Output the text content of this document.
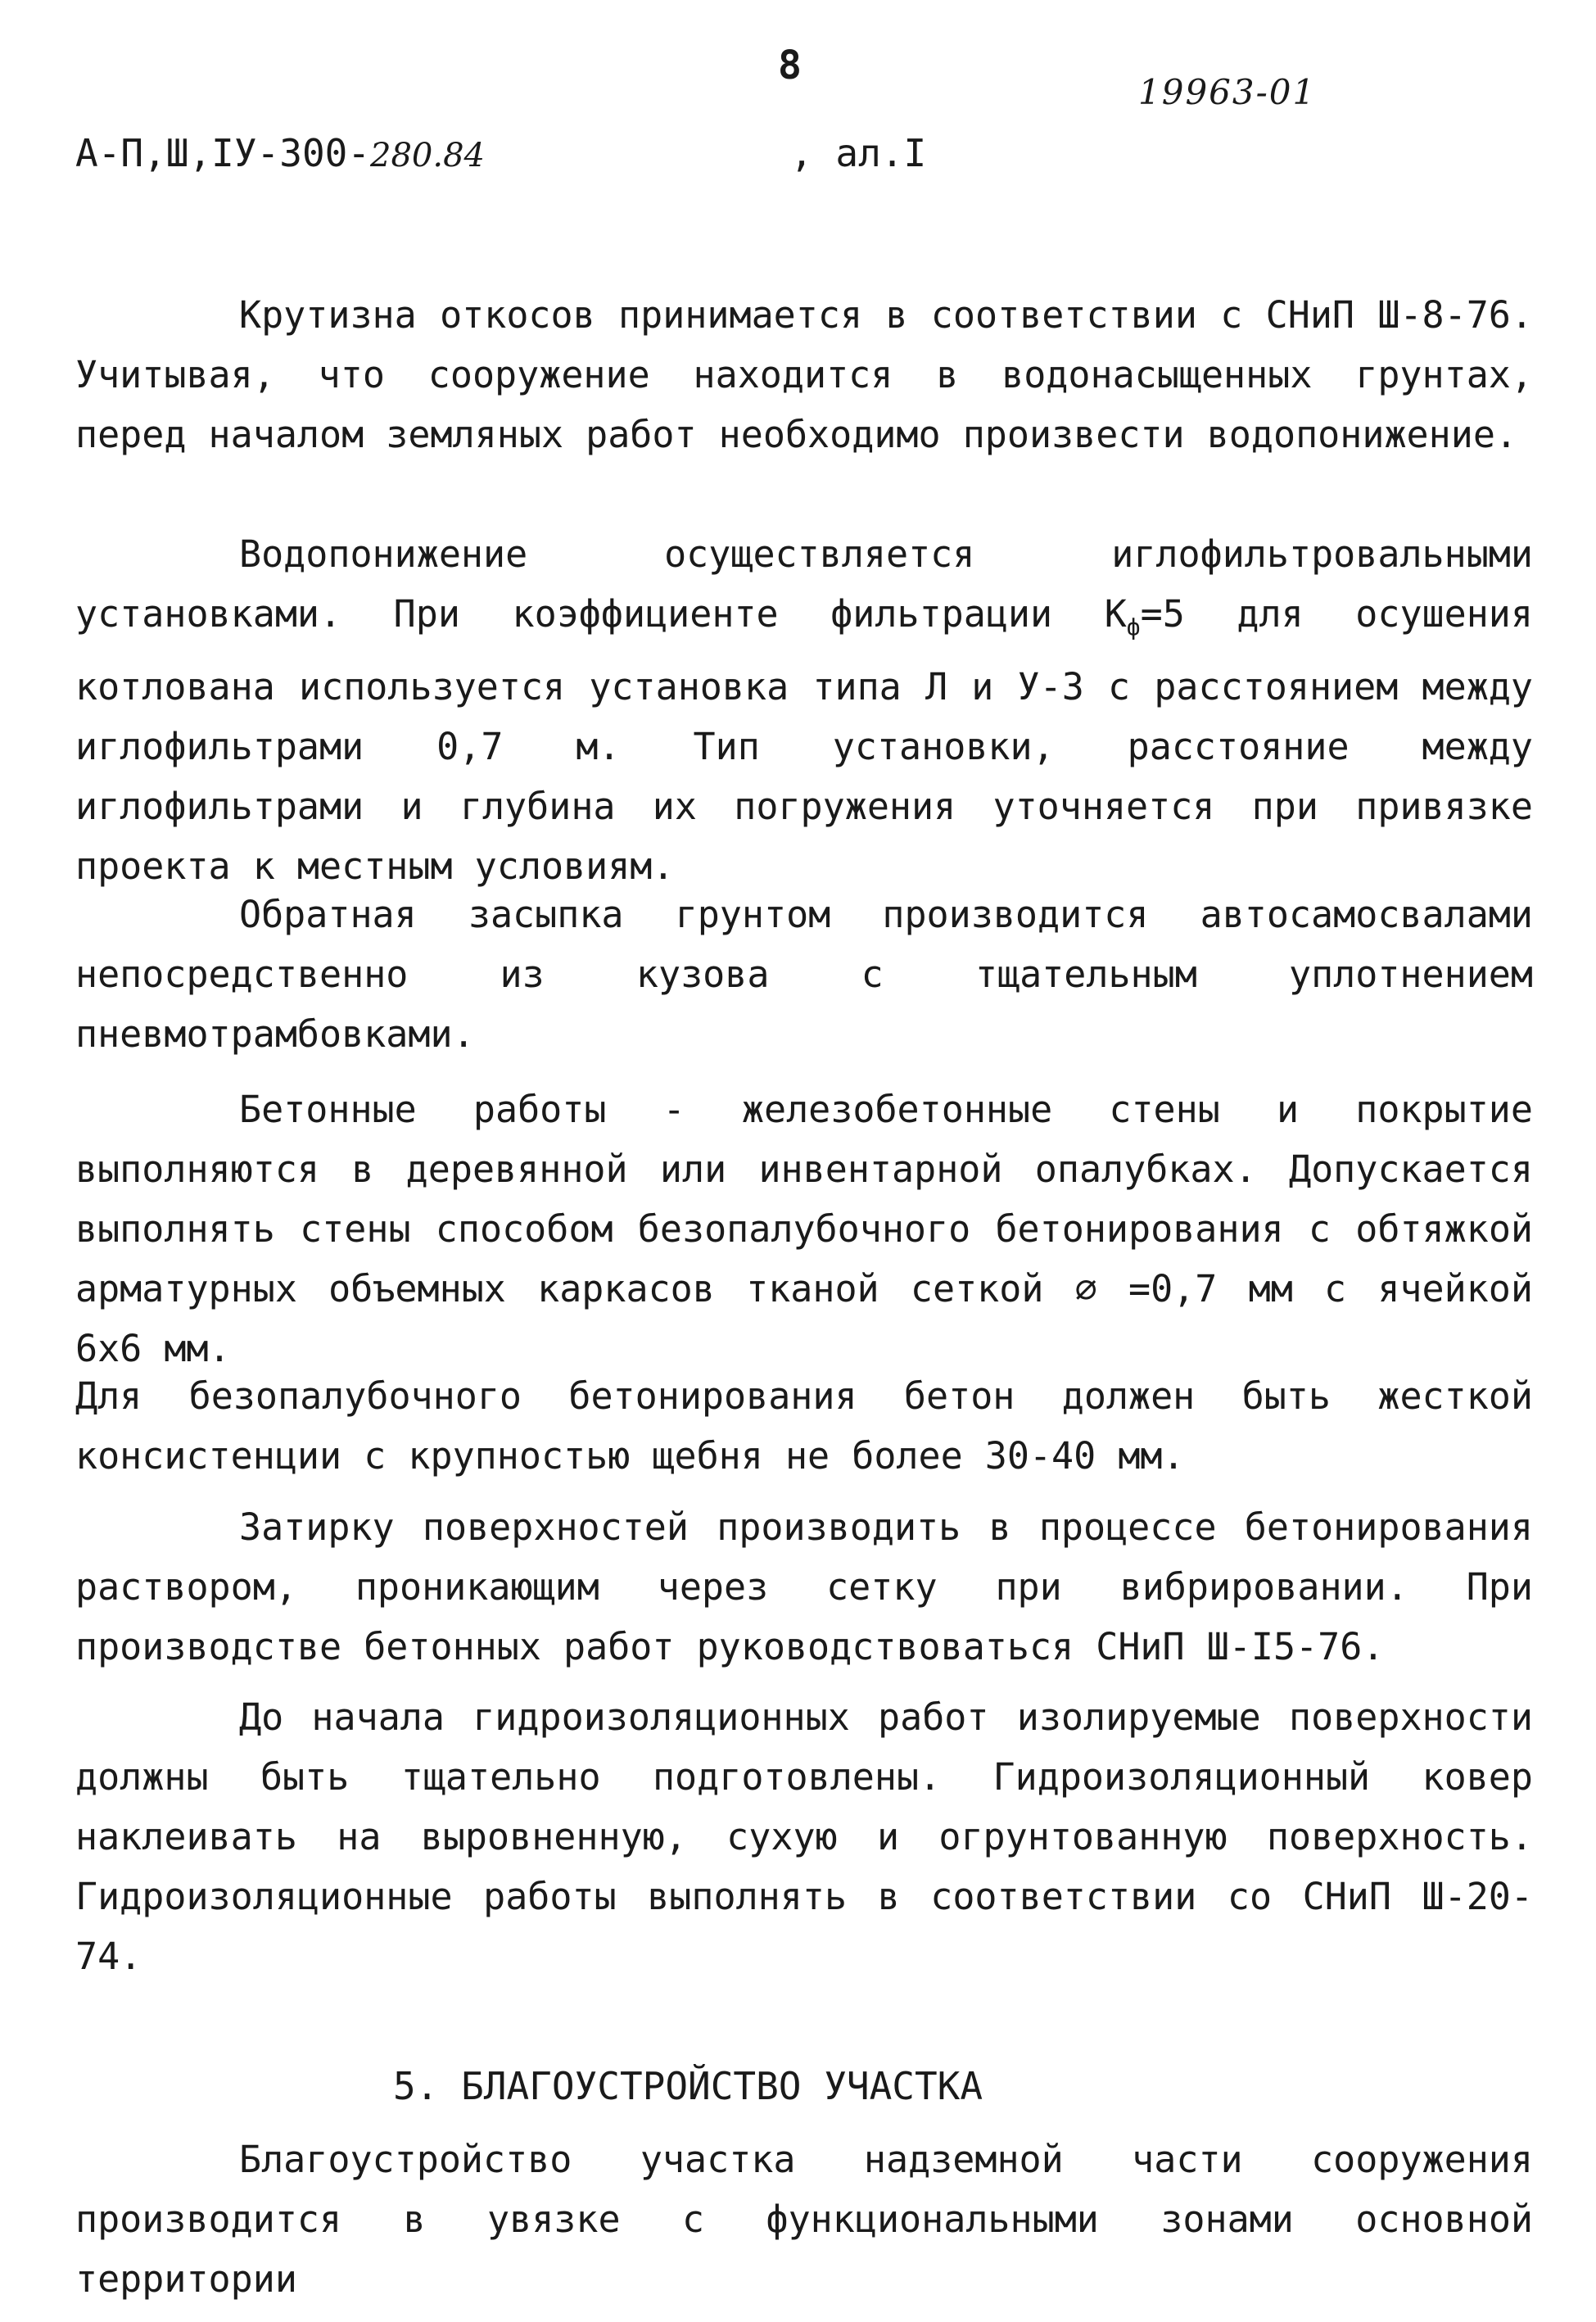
8
19963-01
А-П,Ш,IУ-300-280.84	, ал.I

Крутизна откосов принимается в соответствии с СНиП Ш-8-76. Учитывая, что сооружение находится в водонасыщенных грунтах, перед началом земляных работ необходимо произвести водопонижение.

Водопонижение осуществляется иглофильтровальными установками. При коэффициенте фильтрации $К_ф=5$ для осушения котлована используется установка типа Л и У-3 с расстоянием между иглофильтрами 0,7 м. Тип установки, расстояние между иглофильтрами и глубина их погружения уточняется при привязке проекта к местным условиям.

Обратная засыпка грунтом производится автосамосвалами непосредственно из кузова с тщательным уплотнением пневмотрамбовками.

Бетонные работы - железобетонные стены и покрытие выполняются в деревянной или инвентарной опалубках. Допускается выполнять стены способом безопалубочного бетонирования с обтяжкой арматурных объемных каркасов тканой сеткой ⌀ =0,7 мм с ячейкой 6х6 мм.

Для безопалубочного бетонирования бетон должен быть жесткой консистенции с крупностью щебня не более 30-40 мм.

Затирку поверхностей производить в процессе бетонирования раствором, проникающим через сетку при вибрировании. При производстве бетонных работ руководствоваться СНиП Ш-I5-76.

До начала гидроизоляционных работ изолируемые поверхности должны быть тщательно подготовлены. Гидроизоляционный ковер наклеивать на выровненную, сухую и огрунтованную поверхность. Гидроизоляционные работы выполнять в соответствии со СНиП Ш-20-74.

5. БЛАГОУСТРОЙСТВО УЧАСТКА

Благоустройство участка надземной части сооружения производится в увязке с функциональными зонами основной территории
